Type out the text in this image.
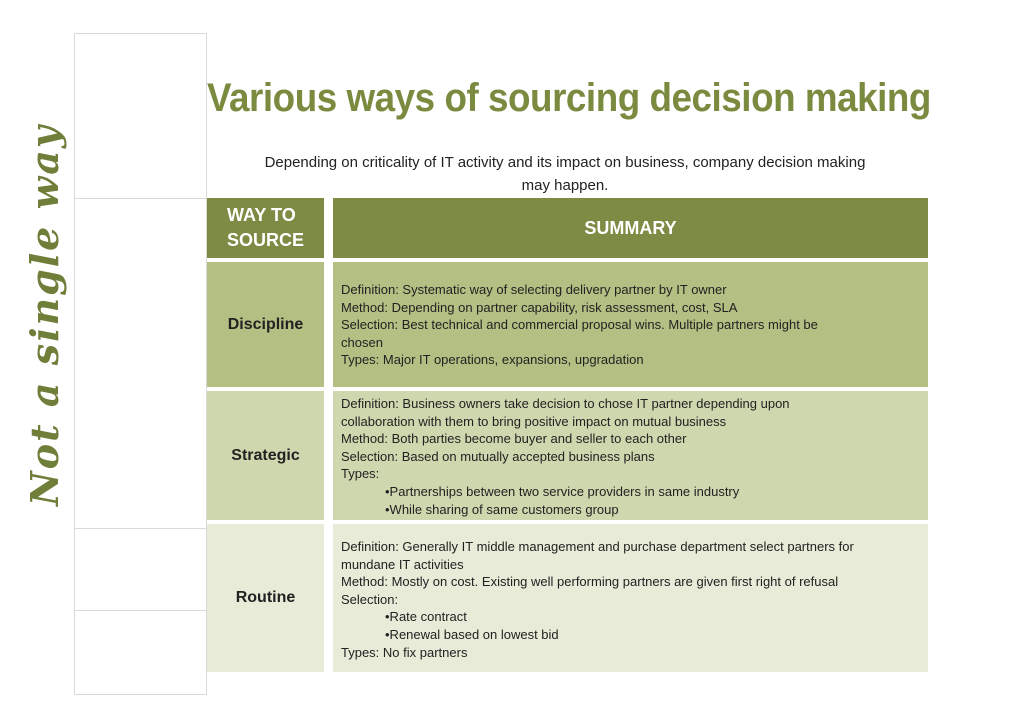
Not a single way
Various ways of sourcing decision making
Depending on criticality of IT activity and its impact on business, company decision making
may happen.
WAY TO
SOURCE
SUMMARY
Discipline
Definition: Systematic way of selecting delivery partner by IT owner
Method: Depending on partner capability, risk assessment, cost, SLA
Selection: Best technical and commercial proposal wins. Multiple partners might be
chosen
Types: Major IT operations, expansions, upgradation
Strategic
Definition: Business owners take decision to chose IT partner depending upon
collaboration with them to bring positive impact on mutual business
Method: Both parties become buyer and seller to each other
Selection: Based on mutually accepted business plans
Types:
•Partnerships between two service providers in same industry
•While sharing of same customers group
Routine
Definition: Generally IT middle management and purchase department select partners for
mundane IT activities
Method: Mostly on cost. Existing well performing partners are given first right of refusal
Selection:
•Rate contract
•Renewal based on lowest bid
Types: No fix partners
